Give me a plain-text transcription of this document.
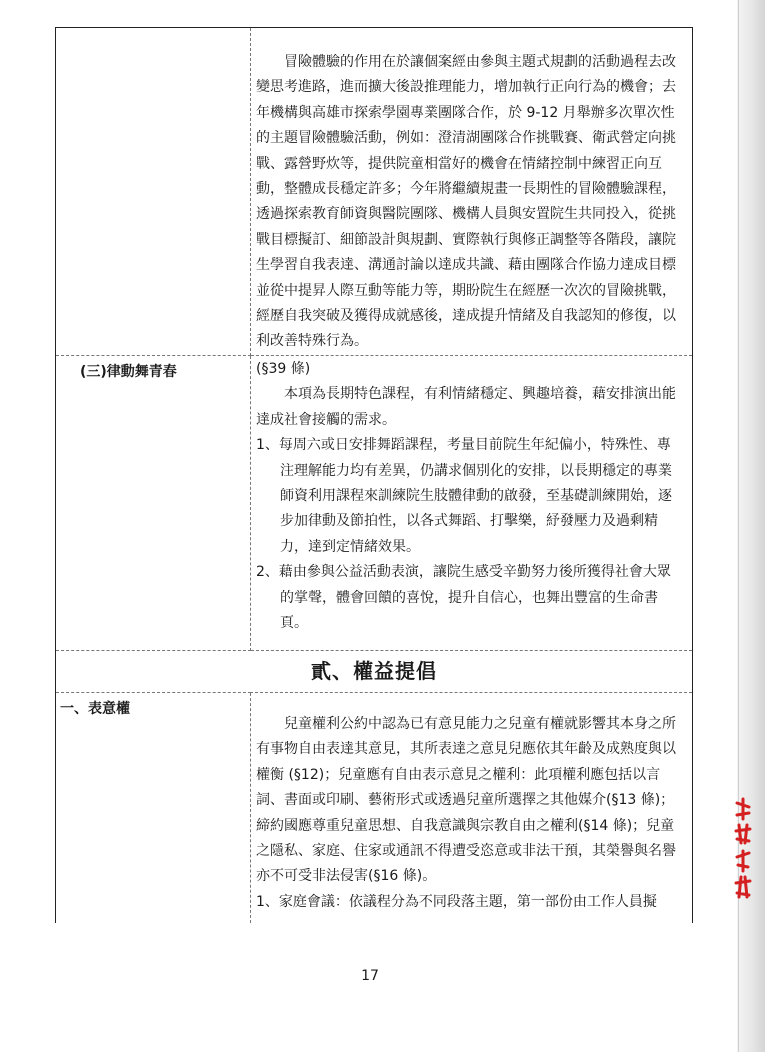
	冒險體驗的作用在於讓個案經由參與主題式規劃的活動過程去改變思考進路，進而擴大後設推理能力，增加執行正向行為的機會；去年機構與高雄市探索學園專業團隊合作，於 9-12 月舉辦多次單次性的主題冒險體驗活動，例如：澄清湖團隊合作挑戰賽、衛武營定向挑戰、露營野炊等，提供院童相當好的機會在情緒控制中練習正向互動，整體成長穩定許多；今年將繼續規畫一長期性的冒險體驗課程，透過探索教育師資與醫院團隊、機構人員與安置院生共同投入，從挑戰目標擬訂、細節設計與規劃、實際執行與修正調整等各階段，讓院生學習自我表達、溝通討論以達成共識、藉由團隊合作協力達成目標並從中提昇人際互動等能力等，期盼院生在經歷一次次的冒險挑戰，經歷自我突破及獲得成就感後，達成提升情緒及自我認知的修復，以利改善特殊行為。

(三)律動舞青春	(§39 條)

本項為長期特色課程，有利情緒穩定、興趣培養，藉安排演出能達成社會接觸的需求。

1、每周六或日安排舞蹈課程，考量目前院生年紀偏小，特殊性、專注理解能力均有差異，仍講求個別化的安排，以長期穩定的專業師資利用課程來訓練院生肢體律動的啟發，至基礎訓練開始，逐步加律動及節拍性，以各式舞蹈、打擊樂，紓發壓力及過剩精力，達到定情緒效果。
2、藉由參與公益活動表演，讓院生感受辛勤努力後所獲得社會大眾的掌聲，體會回饋的喜悅，提升自信心，也舞出豐富的生命書頁。

貳、權益提倡	

一、表意權	兒童權利公約中認為已有意見能力之兒童有權就影響其本身之所有事物自由表達其意見，其所表達之意見兒應依其年齡及成熟度與以權衡 (§12)；兒童應有自由表示意見之權利：此項權利應包括以言詞、書面或印刷、藝術形式或透過兒童所選擇之其他媒介(§13 條)；締約國應尊重兒童思想、自我意識與宗教自由之權利(§14 條)；兒童之隱私、家庭、住家或通訊不得遭受恣意或非法干預，其榮譽與名譽亦不可受非法侵害(§16 條)。

1、家庭會議：依議程分為不同段落主題，第一部份由工作人員擬
17
